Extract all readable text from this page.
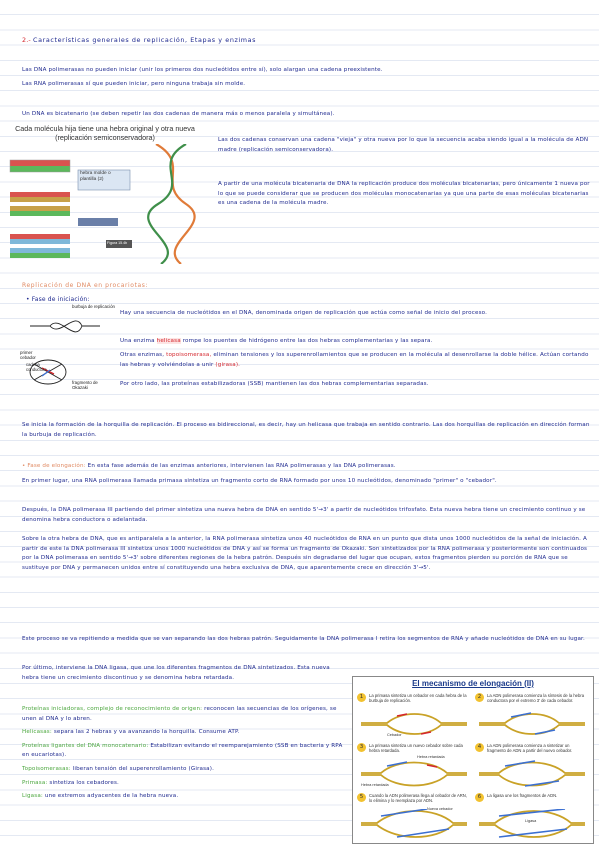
2.- Características generales de replicación, Etapas y enzimas
Las DNA polimerasas no pueden iniciar (unir los primeros dos nucleótidos entre sí), solo alargan una cadena preexistente.
Las RNA polimerasas sí que pueden iniciar, pero ninguna trabaja sin molde.
Un DNA es bicatenario (se deben repetir las dos cadenas de manera más o menos paralela y simultánea).
Cada molécula hija tiene una hebra original y otra nueva (replicación semiconservadora)
hebra molde o plantilla (2)
Figura 15.4b
Las dos cadenas conservan una cadena "vieja" y otra nueva por lo que la secuencia acaba siendo igual a la molécula de ADN madre (replicación semiconservadora).
A partir de una molécula bicatenaria de DNA la replicación produce dos moléculas bicatenarias, pero únicamente 1 nueva por lo que se puede considerar que se producen dos moléculas monocatenarias ya que una parte de esas moléculas bicatenarias es una cadena de la molécula madre.
Replicación de DNA en procariotas:
• Fase de iniciación:
burbuja de replicación
primer cebador
cadena conductora
fragmento de Okazaki
Hay una secuencia de nucleótidos en el DNA, denominada origen de replicación que actúa como señal de inicio del proceso.
Una enzima helicasa rompe los puentes de hidrógeno entre las dos hebras complementarias y las separa.
Otras enzimas, topoisomerasa, eliminan tensiones y los superenrollamientos que se producen en la molécula al desenrollarse la doble hélice. Actúan cortando las hebras y volviéndolas a unir (girasa).
Por otro lado, las proteínas estabilizadoras (SSB) mantienen las dos hebras complementarias separadas.
Se inicia la formación de la horquilla de replicación. El proceso es bidireccional, es decir, hay un helicasa que trabaja en sentido contrario. Las dos horquillas de replicación en dirección forman la burbuja de replicación.
• Fase de elongación: En esta fase además de las enzimas anteriores, intervienen las RNA polimerasas y las DNA polimerasas.
En primer lugar, una RNA polimerasa llamada primasa sintetiza un fragmento corto de RNA formado por unos 10 nucleótidos, denominado "primer" o "cebador".
Después, la DNA polimerasa III partiendo del primer sintetiza una nueva hebra de DNA en sentido 5'→3' a partir de nucleótidos trifosfato. Esta nueva hebra tiene un crecimiento continuo y se denomina hebra conductora o adelantada.
Sobre la otra hebra de DNA, que es antiparalela a la anterior, la RNA polimerasa sintetiza unos 40 nucleótidos de RNA en un punto que dista unos 1000 nucleótidos de la señal de iniciación. A partir de este la DNA polimerasa III sintetiza unos 1000 nucleótidos de DNA y así se forma un fragmento de Okazaki. Son sintetizados por la RNA polimerasa y posteriormente son continuados por la DNA polimerasa en sentido 5'→3' sobre diferentes regiones de la hebra patrón. Después sin degradarse del lugar que ocupan, estos fragmentos pierden su porción de RNA que se sustituye por DNA y permanecen unidos entre sí constituyendo una hebra exclusiva de DNA, que aparentemente crece en dirección 3'→5'.
Este proceso se va repitiendo a medida que se van separando las dos hebras patrón. Seguidamente la DNA polimerasa I retira los segmentos de RNA y añade nucleótidos de DNA en su lugar.
Por último, interviene la DNA ligasa, que une los diferentes fragmentos de DNA sintetizados. Esta nueva hebra tiene un crecimiento discontinuo y se denomina hebra retardada.
Proteínas iniciadoras, complejo de reconocimiento de origen: reconocen las secuencias de los orígenes, se unen al DNA y lo abren.
Helicasas: separa las 2 hebras y va avanzando la horquilla. Consume ATP.
Proteínas ligantes del DNA monocatenario: Estabilizan evitando el reemparejamiento (SSB en bacteria y RPA en eucariotas).
Topoisomerasas: liberan tensión del superenrollamiento (Girasa).
Primasa: sintetiza los cebadores.
Ligasa: une extremos adyacentes de la hebra nueva.
El mecanismo de elongación (II)
1	La primasa sintetiza un cebador en cada hebra de la burbuja de replicación.
Cebador
2	La ADN polimerasa comienza la síntesis de la hebra conductora por el extremo 3' de cada cebador.
3	La primasa sintetiza un nuevo cebador sobre cada hebra retardada.
Hebra retardada
Hebra retardada
4	La ADN polimerasa comienza a sintetizar un fragmento de ADN a partir del nuevo cebador.
5	Cuando la ADN polimerasa llega al cebador de ARN, lo elimina y lo reemplaza por ADN.
Nueva cebador
6	La ligasa une los fragmentos de ADN.
Ligasa
